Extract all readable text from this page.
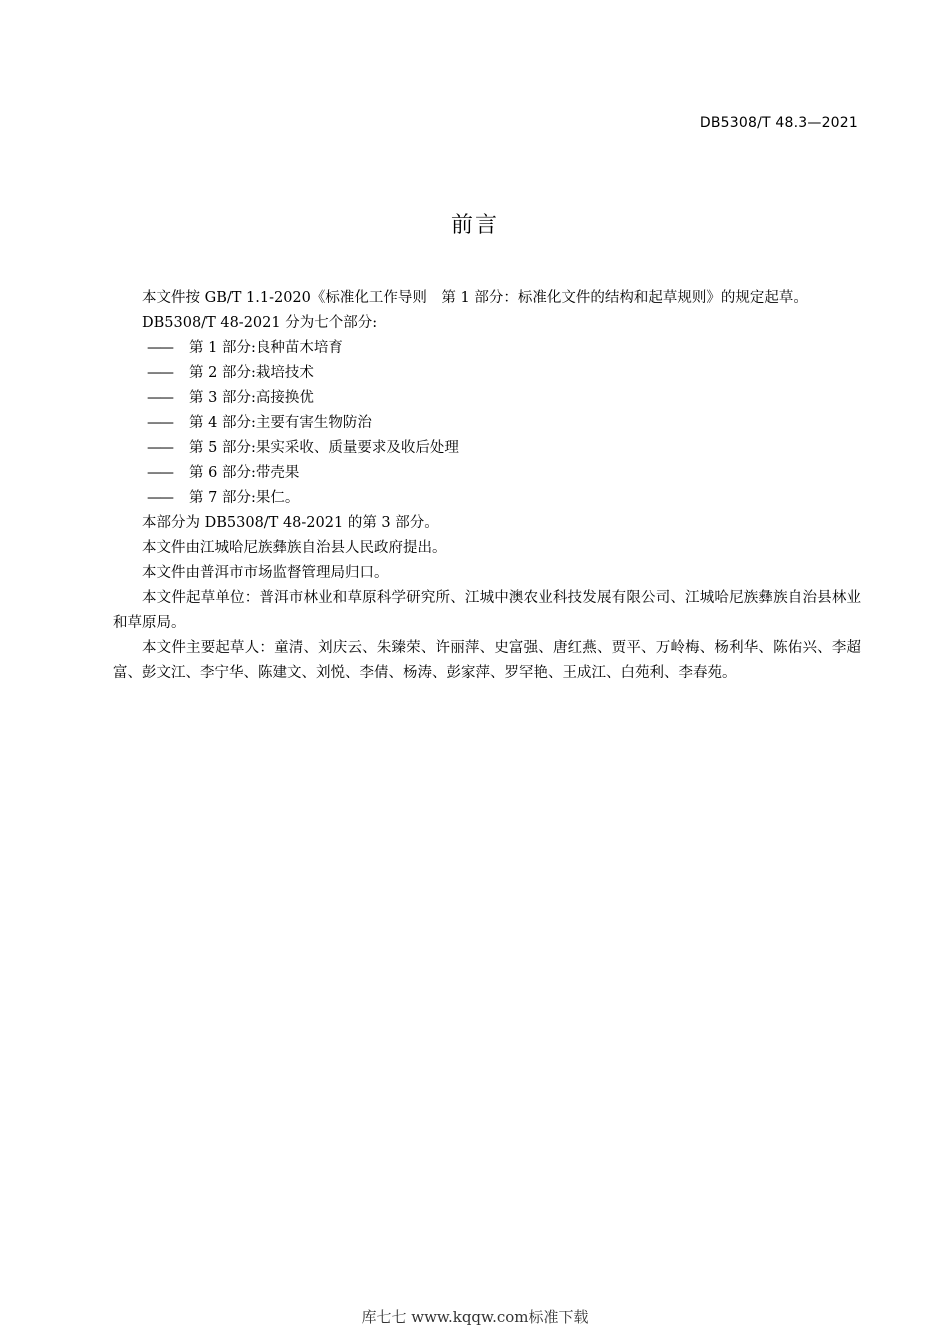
DB5308/T 48.3—2021
前言

本文件按 GB/T 1.1-2020《标准化工作导则　第 1 部分：标准化文件的结构和起草规则》的规定起草。

DB5308/T 48-2021 分为七个部分:

—— 第 1 部分:良种苗木培育

—— 第 2 部分:栽培技术

—— 第 3 部分:高接换优

—— 第 4 部分:主要有害生物防治

—— 第 5 部分:果实采收、质量要求及收后处理

—— 第 6 部分:带壳果

—— 第 7 部分:果仁。

本部分为 DB5308/T 48-2021 的第 3 部分。

本文件由江城哈尼族彝族自治县人民政府提出。

本文件由普洱市市场监督管理局归口。

本文件起草单位：普洱市林业和草原科学研究所、江城中澳农业科技发展有限公司、江城哈尼族彝族自治县林业和草原局。

本文件主要起草人：童清、刘庆云、朱臻荣、许丽萍、史富强、唐红燕、贾平、万岭梅、杨利华、陈佑兴、李超富、彭文江、李宁华、陈建文、刘悦、李倩、杨涛、彭家萍、罗罕艳、王成江、白苑利、李春苑。

库七七 www.kqqw.com标准下载
